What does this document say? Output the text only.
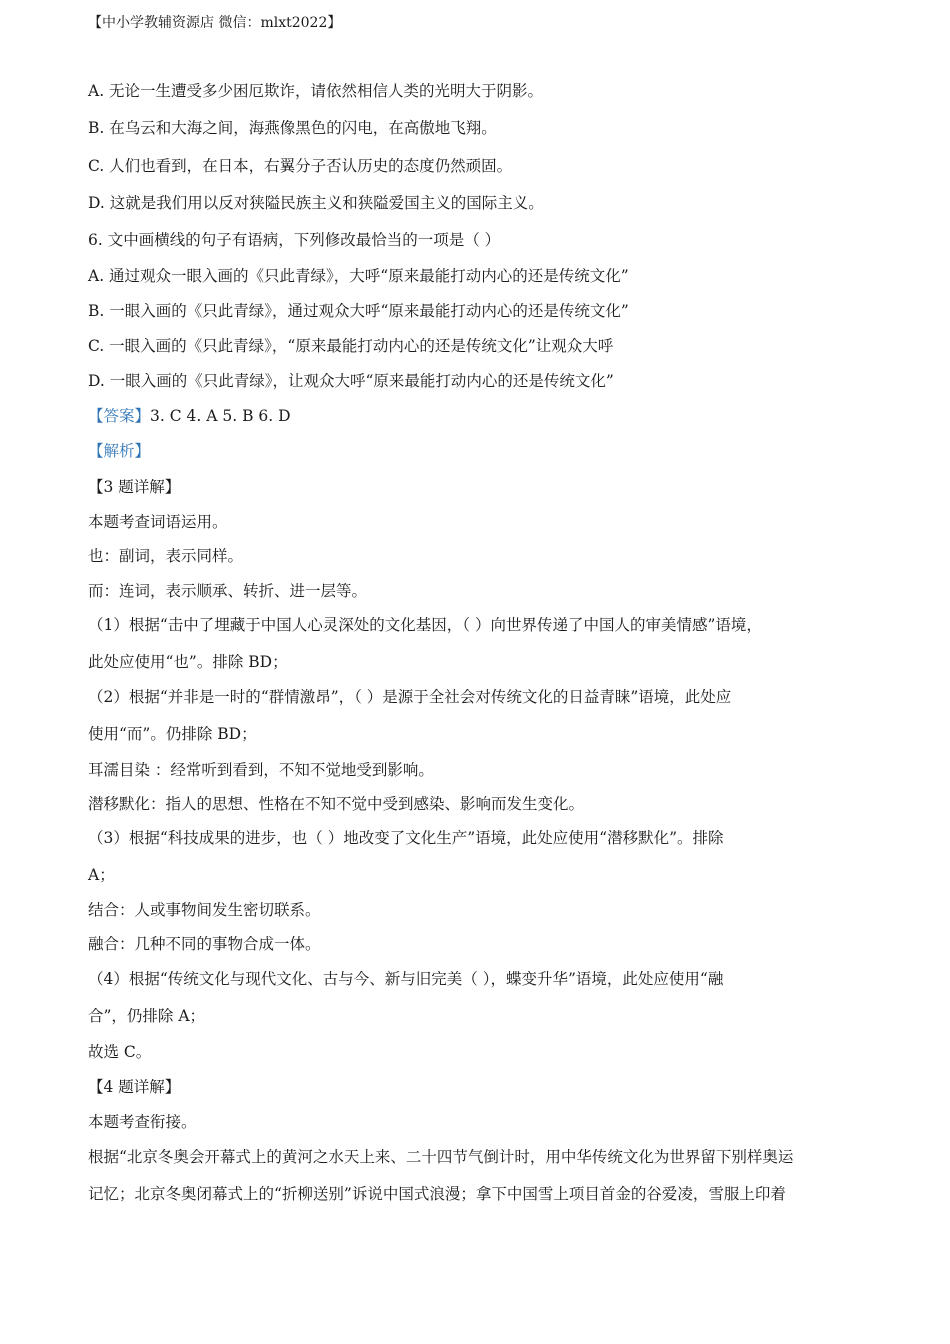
【中小学教辅资源店 微信：mlxt2022】
A. 无论一生遭受多少困厄欺诈，请依然相信人类的光明大于阴影。
B. 在乌云和大海之间，海燕像黑色的闪电，在高傲地飞翔。
C. 人们也看到，在日本，右翼分子否认历史的态度仍然顽固。
D. 这就是我们用以反对狭隘民族主义和狭隘爱国主义的国际主义。
6. 文中画横线的句子有语病，下列修改最恰当的一项是（ ）
A. 通过观众一眼入画的《只此青绿》，大呼“原来最能打动内心的还是传统文化”
B. 一眼入画的《只此青绿》，通过观众大呼“原来最能打动内心的还是传统文化”
C. 一眼入画的《只此青绿》，“原来最能打动内心的还是传统文化”让观众大呼
D. 一眼入画的《只此青绿》，让观众大呼“原来最能打动内心的还是传统文化”
【答案】3. C 4. A 5. B 6. D
【解析】
【3 题详解】
本题考查词语运用。
也：副词，表示同样。
而：连词，表示顺承、转折、进一层等。
（1）根据“击中了埋藏于中国人心灵深处的文化基因，（ ）向世界传递了中国人的审美情感”语境，
此处应使用“也”。排除 BD；
（2）根据“并非是一时的“群情激昂”，（ ）是源于全社会对传统文化的日益青睐”语境，此处应
使用“而”。仍排除 BD；
耳濡目染 ：经常听到看到，不知不觉地受到影响。
潜移默化：指人的思想、性格在不知不觉中受到感染、影响而发生变化。
（3）根据“科技成果的进步，也（ ）地改变了文化生产”语境，此处应使用“潜移默化”。排除
A；
结合：人或事物间发生密切联系。
融合：几种不同的事物合成一体。
（4）根据“传统文化与现代文化、古与今、新与旧完美（ ），蝶变升华”语境，此处应使用“融
合”，仍排除 A；
故选 C。
【4 题详解】
本题考查衔接。
根据“北京冬奥会开幕式上的黄河之水天上来、二十四节气倒计时，用中华传统文化为世界留下别样奥运
记忆；北京冬奥闭幕式上的“折柳送别”诉说中国式浪漫；拿下中国雪上项目首金的谷爱凌，雪服上印着
